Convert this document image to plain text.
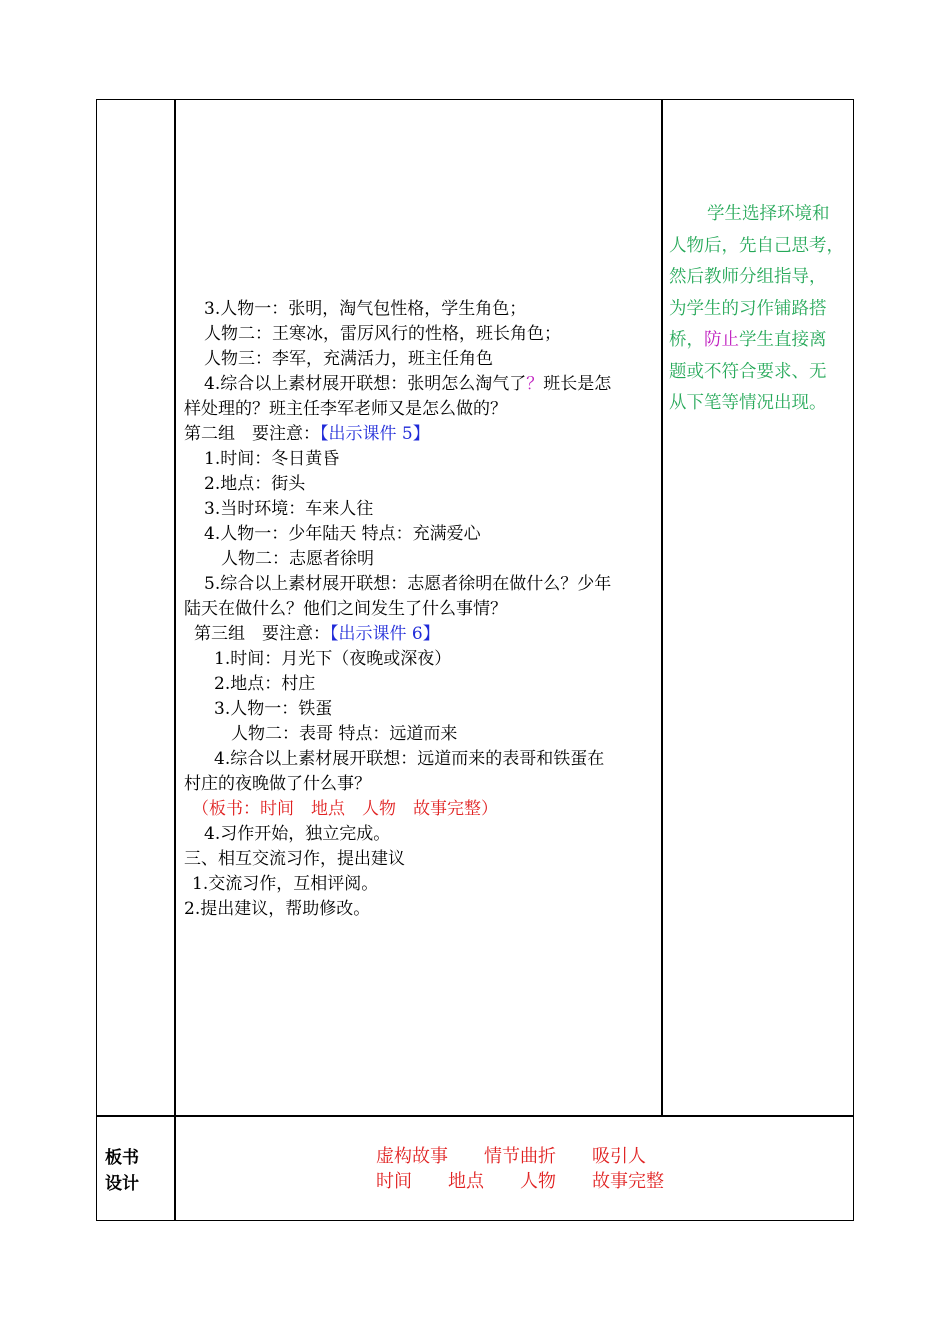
3.人物一：张明，淘气包性格，学生角色；

人物二：王寒冰，雷厉风行的性格，班长角色；

人物三：李军，充满活力，班主任角色

4.综合以上素材展开联想：张明怎么淘气了？班长是怎

样处理的？班主任李军老师又是怎么做的？

第二组　要注意：【出示课件 5】

1.时间：冬日黄昏

2.地点：街头

3.当时环境：车来人往

4.人物一：少年陆天 特点：充满爱心

人物二：志愿者徐明

5.综合以上素材展开联想：志愿者徐明在做什么？少年

陆天在做什么？他们之间发生了什么事情？

第三组　要注意：【出示课件 6】

1.时间：月光下（夜晚或深夜）

2.地点：村庄

3.人物一：铁蛋

人物二：表哥 特点：远道而来

4.综合以上素材展开联想：远道而来的表哥和铁蛋在

村庄的夜晚做了什么事？

（板书：时间　地点　人物　故事完整）

4.习作开始，独立完成。

三、相互交流习作，提出建议

1.交流习作，互相评阅。

2.提出建议，帮助修改。

学生选择环境和

人物后，先自己思考，

然后教师分组指导，

为学生的习作铺路搭

桥，防止学生直接离

题或不符合要求、无

从下笔等情况出现。

板书

设计

虚构故事　　情节曲折　　吸引人

时间　　地点　　人物　　故事完整
